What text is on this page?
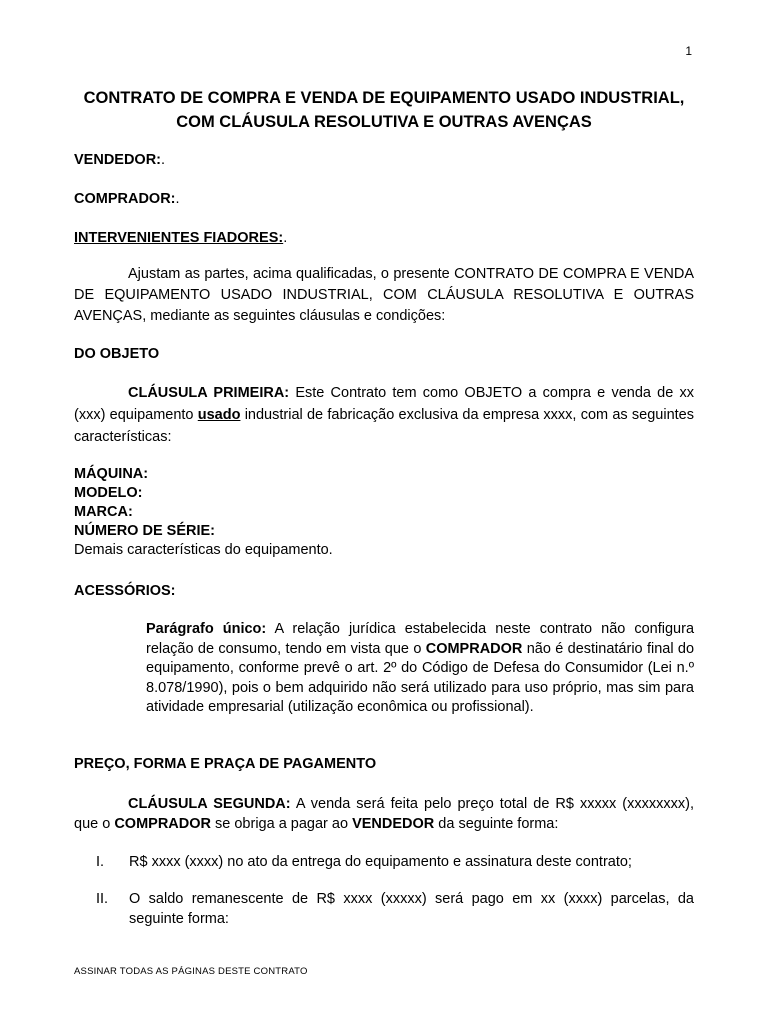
1
CONTRATO DE COMPRA E VENDA DE EQUIPAMENTO USADO INDUSTRIAL, COM CLÁUSULA RESOLUTIVA E OUTRAS AVENÇAS
VENDEDOR:.
COMPRADOR:.
INTERVENIENTES FIADORES:.
Ajustam as partes, acima qualificadas, o presente CONTRATO DE COMPRA E VENDA DE EQUIPAMENTO USADO INDUSTRIAL, COM CLÁUSULA RESOLUTIVA E OUTRAS AVENÇAS, mediante as seguintes cláusulas e condições:
DO OBJETO
CLÁUSULA PRIMEIRA: Este Contrato tem como OBJETO a compra e venda de xx (xxx) equipamento usado industrial de fabricação exclusiva da empresa xxxx, com as seguintes características:
MÁQUINA:
MODELO:
MARCA:
NÚMERO DE SÉRIE:
Demais características do equipamento.
ACESSÓRIOS:
Parágrafo único: A relação jurídica estabelecida neste contrato não configura relação de consumo, tendo em vista que o COMPRADOR não é destinatário final do equipamento, conforme prevê o art. 2º do Código de Defesa do Consumidor (Lei n.º 8.078/1990), pois o bem adquirido não será utilizado para uso próprio, mas sim para atividade empresarial (utilização econômica ou profissional).
PREÇO, FORMA E PRAÇA DE PAGAMENTO
CLÁUSULA SEGUNDA: A venda será feita pelo preço total de R$ xxxxx (xxxxxxxx), que o COMPRADOR se obriga a pagar ao VENDEDOR da seguinte forma:
I.	R$ xxxx (xxxx) no ato da entrega do equipamento e assinatura deste contrato;
II.	O saldo remanescente de R$ xxxx (xxxxx) será pago em xx (xxxx) parcelas, da seguinte forma:
ASSINAR TODAS AS PÁGINAS DESTE CONTRATO
